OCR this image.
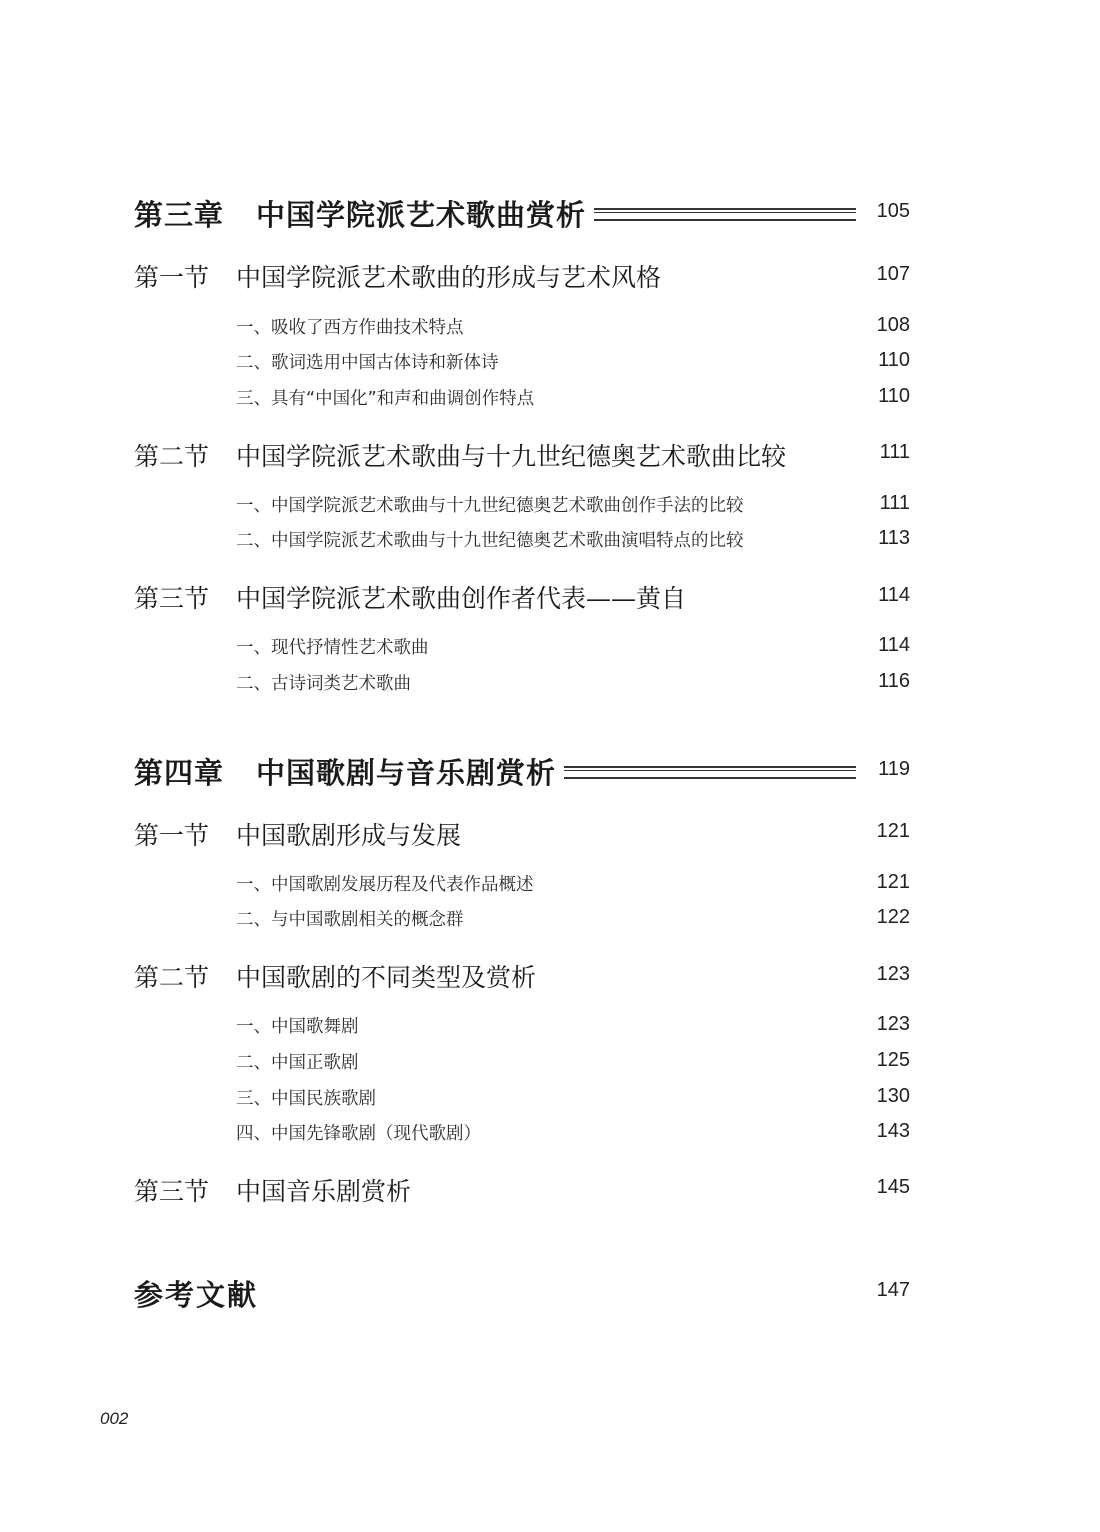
第三章 中国学院派艺术歌曲赏析	105
第一节 中国学院派艺术歌曲的形成与艺术风格	107
一、吸收了西方作曲技术特点	108
二、歌词选用中国古体诗和新体诗	110
三、具有“中国化”和声和曲调创作特点	110
第二节 中国学院派艺术歌曲与十九世纪德奥艺术歌曲比较	111
一、中国学院派艺术歌曲与十九世纪德奥艺术歌曲创作手法的比较	111
二、中国学院派艺术歌曲与十九世纪德奥艺术歌曲演唱特点的比较	113
第三节 中国学院派艺术歌曲创作者代表——黄自	114
一、现代抒情性艺术歌曲	114
二、古诗词类艺术歌曲	116
第四章 中国歌剧与音乐剧赏析	119
第一节 中国歌剧形成与发展	121
一、中国歌剧发展历程及代表作品概述	121
二、与中国歌剧相关的概念群	122
第二节 中国歌剧的不同类型及赏析	123
一、中国歌舞剧	123
二、中国正歌剧	125
三、中国民族歌剧	130
四、中国先锋歌剧（现代歌剧）	143
第三节 中国音乐剧赏析	145
参考文献	147
002
